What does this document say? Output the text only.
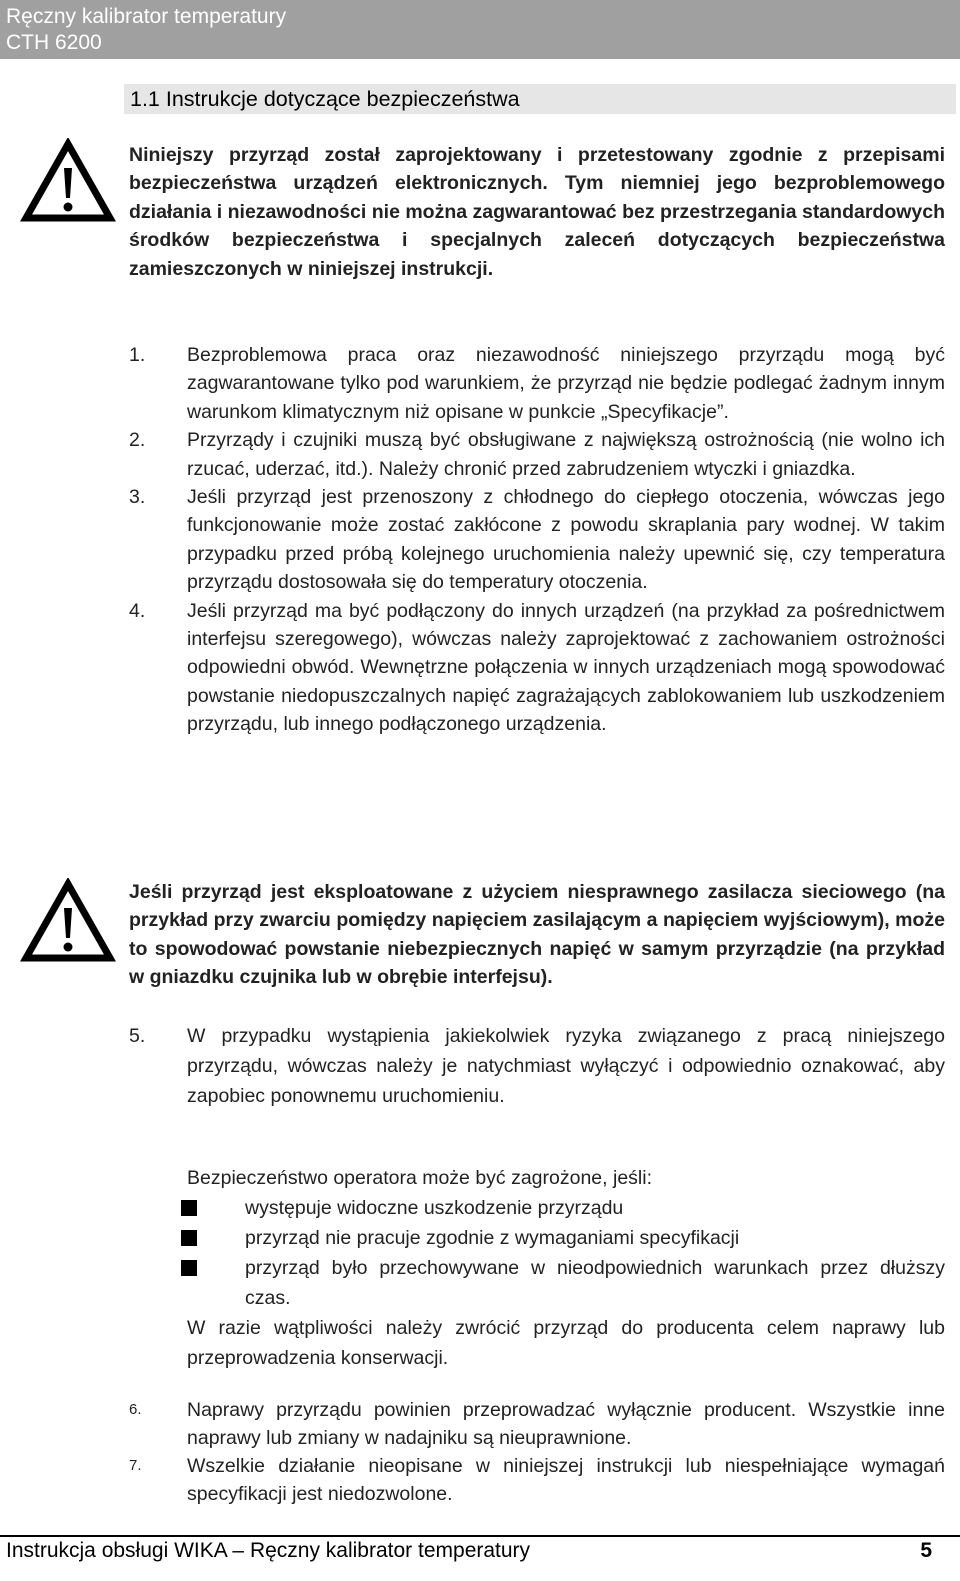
Ręczny kalibrator temperatury
CTH 6200
1.1 Instrukcje dotyczące bezpieczeństwa
Niniejszy przyrząd został zaprojektowany i przetestowany zgodnie z przepisami bezpieczeństwa urządzeń elektronicznych. Tym niemniej jego bezproblemowego działania i niezawodności nie można zagwarantować bez przestrzegania standardowych środków bezpieczeństwa i specjalnych zaleceń dotyczących bezpieczeństwa zamieszczonych w niniejszej instrukcji.
1.	Bezproblemowa praca oraz niezawodność niniejszego przyrządu mogą być zagwarantowane tylko pod warunkiem, że przyrząd nie będzie podlegać żadnym innym warunkom klimatycznym niż opisane w punkcie „Specyfikacje”.
2.	Przyrządy i czujniki muszą być obsługiwane z największą ostrożnością (nie wolno ich rzucać, uderzać, itd.). Należy chronić przed zabrudzeniem wtyczki i gniazdka.
3.	Jeśli przyrząd jest przenoszony z chłodnego do ciepłego otoczenia, wówczas jego funkcjonowanie może zostać zakłócone z powodu skraplania pary wodnej. W takim przypadku przed próbą kolejnego uruchomienia należy upewnić się, czy temperatura przyrządu dostosowała się do temperatury otoczenia.
4.	Jeśli przyrząd ma być podłączony do innych urządzeń (na przykład za pośrednictwem interfejsu szeregowego), wówczas należy zaprojektować z zachowaniem ostrożności odpowiedni obwód. Wewnętrzne połączenia w innych urządzeniach mogą spowodować powstanie niedopuszczalnych napięć zagrażających zablokowaniem lub uszkodzeniem przyrządu, lub innego podłączonego urządzenia.
Jeśli przyrząd jest eksploatowane z użyciem niesprawnego zasilacza sieciowego (na przykład przy zwarciu pomiędzy napięciem zasilającym a napięciem wyjściowym), może to spowodować powstanie niebezpiecznych napięć w samym przyrządzie (na przykład w gniazdku czujnika lub w obrębie interfejsu).
5.	W przypadku wystąpienia jakiekolwiek ryzyka związanego z pracą niniejszego przyrządu, wówczas należy je natychmiast wyłączyć i odpowiednio oznakować, aby zapobiec ponownemu uruchomieniu.
Bezpieczeństwo operatora może być zagrożone, jeśli:
występuje widoczne uszkodzenie przyrządu
przyrząd nie pracuje zgodnie z wymaganiami specyfikacji
przyrząd było przechowywane w nieodpowiednich warunkach przez dłuższy czas.
W razie wątpliwości należy zwrócić przyrząd do producenta celem naprawy lub przeprowadzenia konserwacji.
6.	Naprawy przyrządu powinien przeprowadzać wyłącznie producent. Wszystkie inne naprawy lub zmiany w nadajniku są nieuprawnione.
7.	Wszelkie działanie nieopisane w niniejszej instrukcji lub niespełniające wymagań specyfikacji jest niedozwolone.
Instrukcja obsługi WIKA – Ręczny kalibrator temperatury	5
